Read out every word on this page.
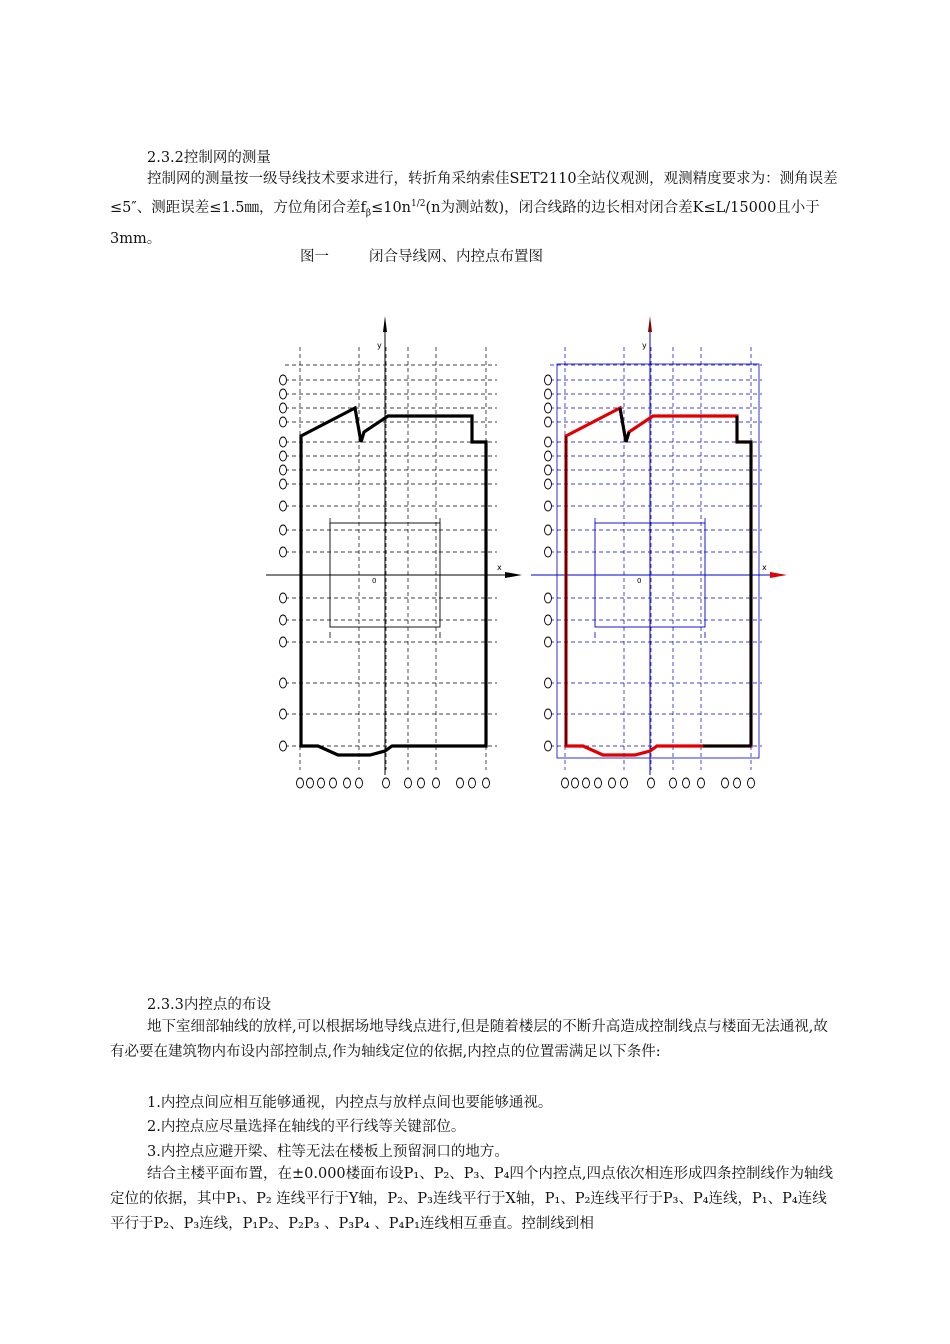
2.3.2控制网的测量

控制网的测量按一级导线技术要求进行，转折角采纳索佳SET2110全站仪观测，观测精度要求为：测角误差≤5″、测距误差≤1.5㎜，方位角闭合差$f_\beta\le 10n^{1/2}(n$为测站数)，闭合线路的边长相对闭合差K≤L/15000且小于3mm。

图一	闭合导线网、内控点布置图
x
y
0
x
y
0

2.3.3内控点的布设

地下室细部轴线的放样,可以根据场地导线点进行,但是随着楼层的不断升高造成控制线点与楼面无法通视,故有必要在建筑物内布设内部控制点,作为轴线定位的依据,内控点的位置需满足以下条件:

1.内控点间应相互能够通视，内控点与放样点间也要能够通视。

2.内控点应尽量选择在轴线的平行线等关键部位。

3.内控点应避开梁、柱等无法在楼板上预留洞口的地方。

结合主楼平面布置，在±0.000楼面布设P₁、P₂、P₃、P₄四个内控点,四点依次相连形成四条控制线作为轴线定位的依据，其中P₁、P₂ 连线平行于Y轴，P₂、P₃连线平行于X轴，P₁、P₂连线平行于P₃、P₄连线，P₁、P₄连线平行于P₂、P₃连线，P₁P₂、P₂P₃ 、P₃P₄ 、P₄P₁连线相互垂直。控制线到相
